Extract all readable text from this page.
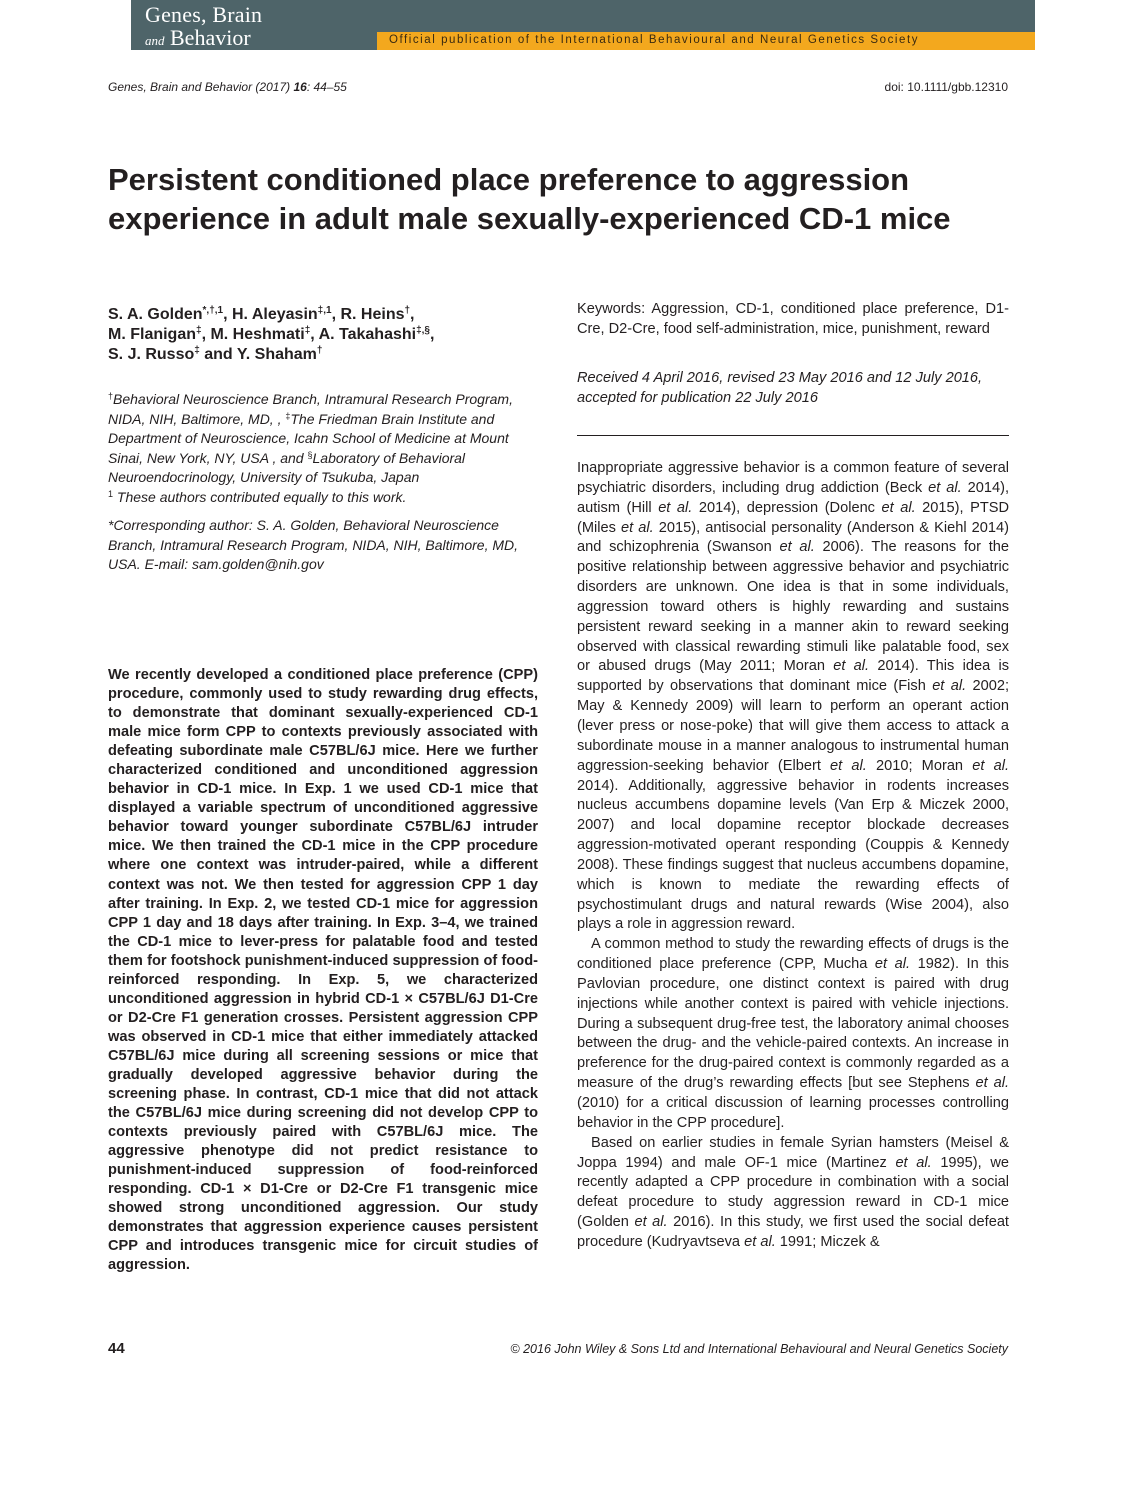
Genes, Brain
and Behavior	Official publication of the International Behavioural and Neural Genetics Society
Genes, Brain and Behavior (2017) 16: 44–55	doi: 10.1111/gbb.12310
Persistent conditioned place preference to aggression experience in adult male sexually-experienced CD-1 mice
S. A. Golden$^{*,\dagger,1}$, H. Aleyasin$^{\ddagger,1}$, R. Heins†,
M. Flanigan‡, M. Heshmati‡, A. Takahashi‡,§,
S. J. Russo‡ and Y. Shaham†
†Behavioral Neuroscience Branch, Intramural Research Program, NIDA, NIH, Baltimore, MD, , ‡The Friedman Brain Institute and Department of Neuroscience, Icahn School of Medicine at Mount Sinai, New York, NY, USA , and §Laboratory of Behavioral Neuroendocrinology, University of Tsukuba, Japan
$^1$ These authors contributed equally to this work.
*Corresponding author: S. A. Golden, Behavioral Neuroscience Branch, Intramural Research Program, NIDA, NIH, Baltimore, MD, USA. E-mail: sam.golden@nih.gov

We recently developed a conditioned place preference (CPP) procedure, commonly used to study rewarding drug effects, to demonstrate that dominant sexually-experienced CD-1 male mice form CPP to contexts previously associated with defeating subordinate male C57BL/6J mice. Here we further characterized conditioned and unconditioned aggression behavior in CD-1 mice. In Exp. 1 we used CD-1 mice that displayed a variable spectrum of unconditioned aggressive behavior toward younger subordinate C57BL/6J intruder mice. We then trained the CD-1 mice in the CPP procedure where one context was intruder-paired, while a different context was not. We then tested for aggression CPP 1 day after training. In Exp. 2, we tested CD-1 mice for aggression CPP 1 day and 18 days after training. In Exp. 3–4, we trained the CD-1 mice to lever-press for palatable food and tested them for footshock punishment-induced suppression of food-reinforced responding. In Exp. 5, we characterized unconditioned aggression in hybrid CD-1 × C57BL/6J D1-Cre or D2-Cre F1 generation crosses. Persistent aggression CPP was observed in CD-1 mice that either immediately attacked C57BL/6J mice during all screening sessions or mice that gradually developed aggressive behavior during the screening phase. In contrast, CD-1 mice that did not attack the C57BL/6J mice during screening did not develop CPP to contexts previously paired with C57BL/6J mice. The aggressive phenotype did not predict resistance to punishment-induced suppression of food-reinforced responding. CD-1 × D1-Cre or D2-Cre F1 transgenic mice showed strong unconditioned aggression. Our study demonstrates that aggression experience causes persistent CPP and introduces transgenic mice for circuit studies of aggression.

Keywords: Aggression, CD-1, conditioned place preference, D1-Cre, D2-Cre, food self-administration, mice, punishment, reward

Received 4 April 2016, revised 23 May 2016 and 12 July 2016, accepted for publication 22 July 2016

Inappropriate aggressive behavior is a common feature of several psychiatric disorders, including drug addiction (Beck et al. 2014), autism (Hill et al. 2014), depression (Dolenc et al. 2015), PTSD (Miles et al. 2015), antisocial personality (Anderson & Kiehl 2014) and schizophrenia (Swanson et al. 2006). The reasons for the positive relationship between aggressive behavior and psychiatric disorders are unknown. One idea is that in some individuals, aggression toward others is highly rewarding and sustains persistent reward seeking in a manner akin to reward seeking observed with classical rewarding stimuli like palatable food, sex or abused drugs (May 2011; Moran et al. 2014). This idea is supported by observations that dominant mice (Fish et al. 2002; May & Kennedy 2009) will learn to perform an operant action (lever press or nose-poke) that will give them access to attack a subordinate mouse in a manner analogous to instrumental human aggression-seeking behavior (Elbert et al. 2010; Moran et al. 2014). Additionally, aggressive behavior in rodents increases nucleus accumbens dopamine levels (Van Erp & Miczek 2000, 2007) and local dopamine receptor blockade decreases aggression-motivated operant responding (Couppis & Kennedy 2008). These findings suggest that nucleus accumbens dopamine, which is known to mediate the rewarding effects of psychostimulant drugs and natural rewards (Wise 2004), also plays a role in aggression reward.

A common method to study the rewarding effects of drugs is the conditioned place preference (CPP, Mucha et al. 1982). In this Pavlovian procedure, one distinct context is paired with drug injections while another context is paired with vehicle injections. During a subsequent drug-free test, the laboratory animal chooses between the drug- and the vehicle-paired contexts. An increase in preference for the drug-paired context is commonly regarded as a measure of the drug’s rewarding effects [but see Stephens et al. (2010) for a critical discussion of learning processes controlling behavior in the CPP procedure].

Based on earlier studies in female Syrian hamsters (Meisel & Joppa 1994) and male OF-1 mice (Martinez et al. 1995), we recently adapted a CPP procedure in combination with a social defeat procedure to study aggression reward in CD-1 mice (Golden et al. 2016). In this study, we first used the social defeat procedure (Kudryavtseva et al. 1991; Miczek &

44	© 2016 John Wiley & Sons Ltd and International Behavioural and Neural Genetics Society
